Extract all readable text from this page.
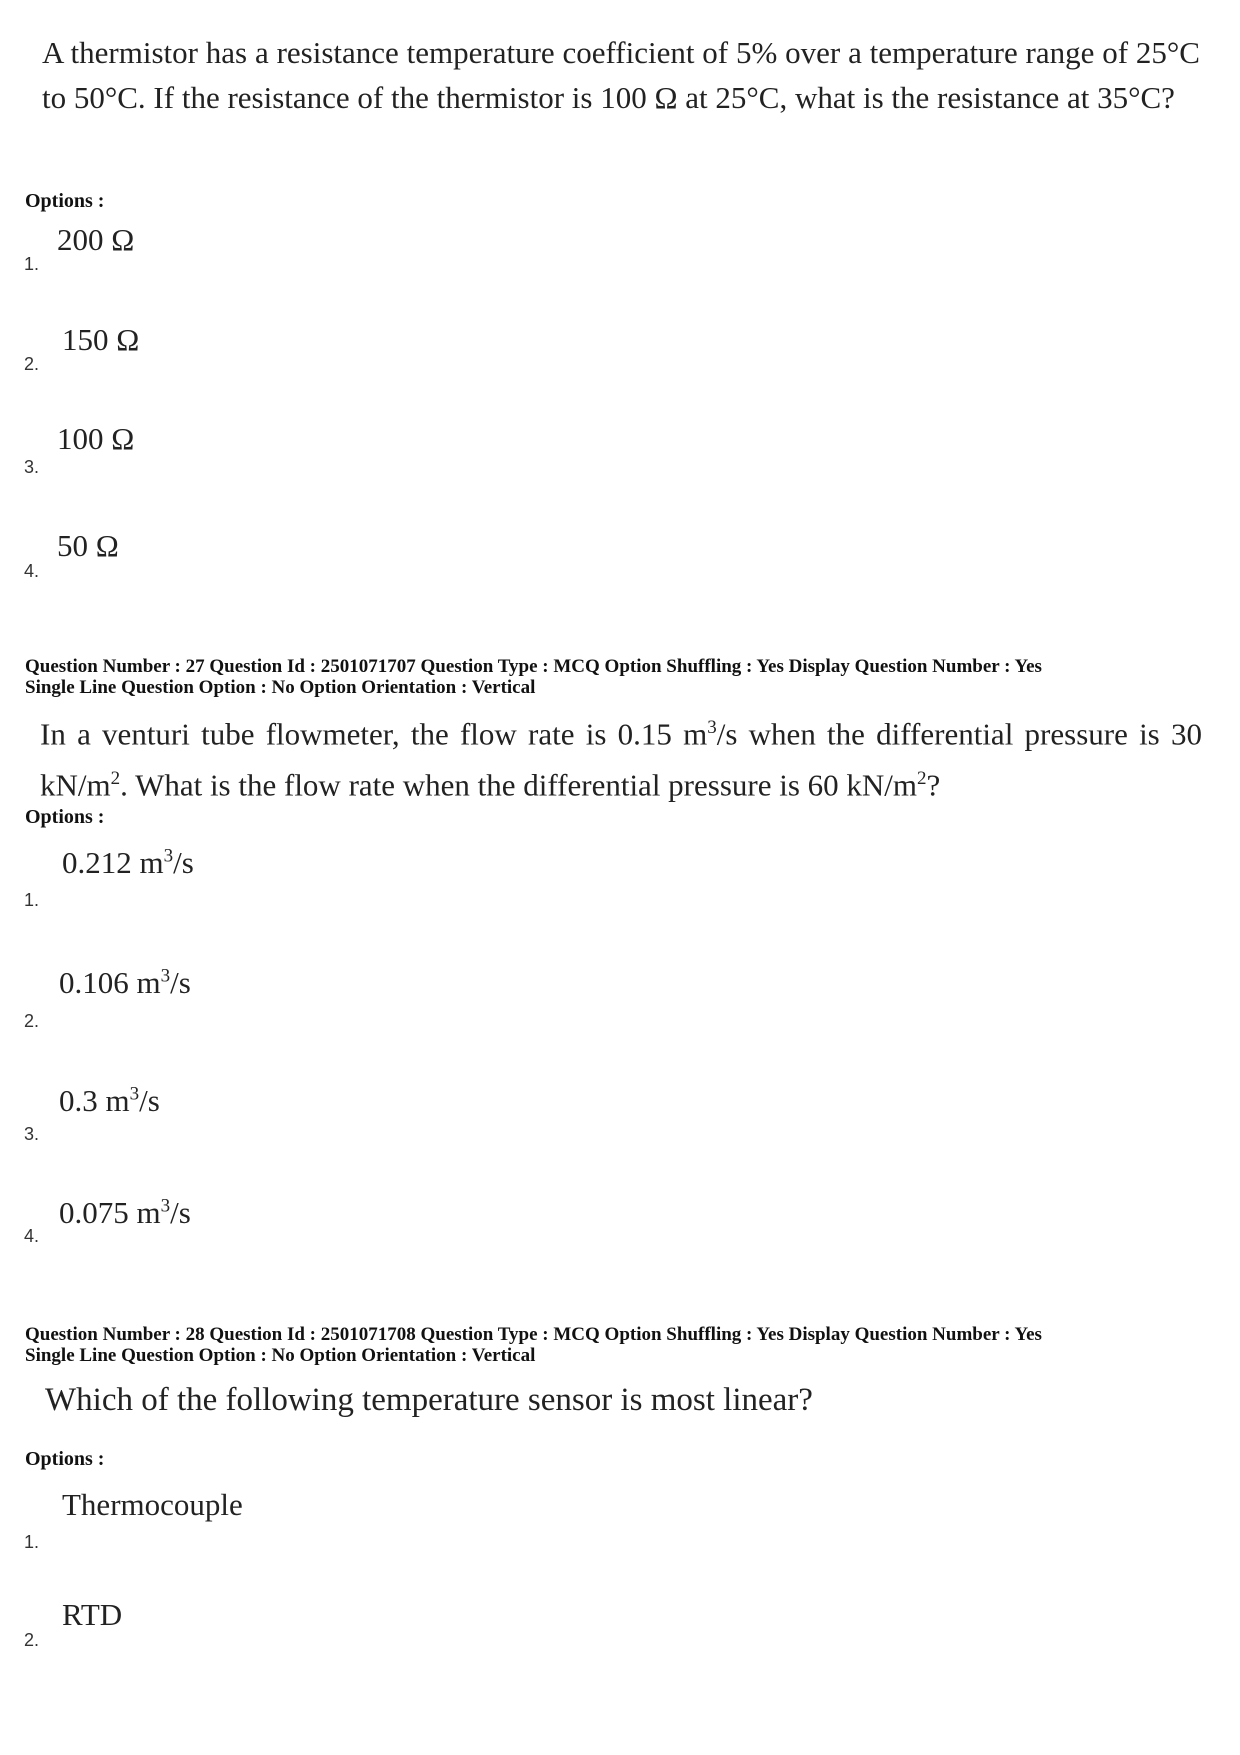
A thermistor has a resistance temperature coefficient of 5% over a temperature range of 25°C to 50°C. If the resistance of the thermistor is 100 Ω at 25°C, what is the resistance at 35°C?
Options :
200 Ω
1.
150 Ω
2.
100 Ω
3.
50 Ω
4.
Question Number : 27 Question Id : 2501071707 Question Type : MCQ Option Shuffling : Yes Display Question Number : Yes
Single Line Question Option : No Option Orientation : Vertical
In a venturi tube flowmeter, the flow rate is 0.15 $m^3/s$ when the differential pressure is 30 $kN/m^2$. What is the flow rate when the differential pressure is 60 $kN/m^2$?
Options :
0.212 $m^3/s$
1.
0.106 $m^3/s$
2.
0.3 $m^3/s$
3.
0.075 $m^3/s$
4.
Question Number : 28 Question Id : 2501071708 Question Type : MCQ Option Shuffling : Yes Display Question Number : Yes
Single Line Question Option : No Option Orientation : Vertical
Which of the following temperature sensor is most linear?
Options :
Thermocouple
1.
RTD
2.
